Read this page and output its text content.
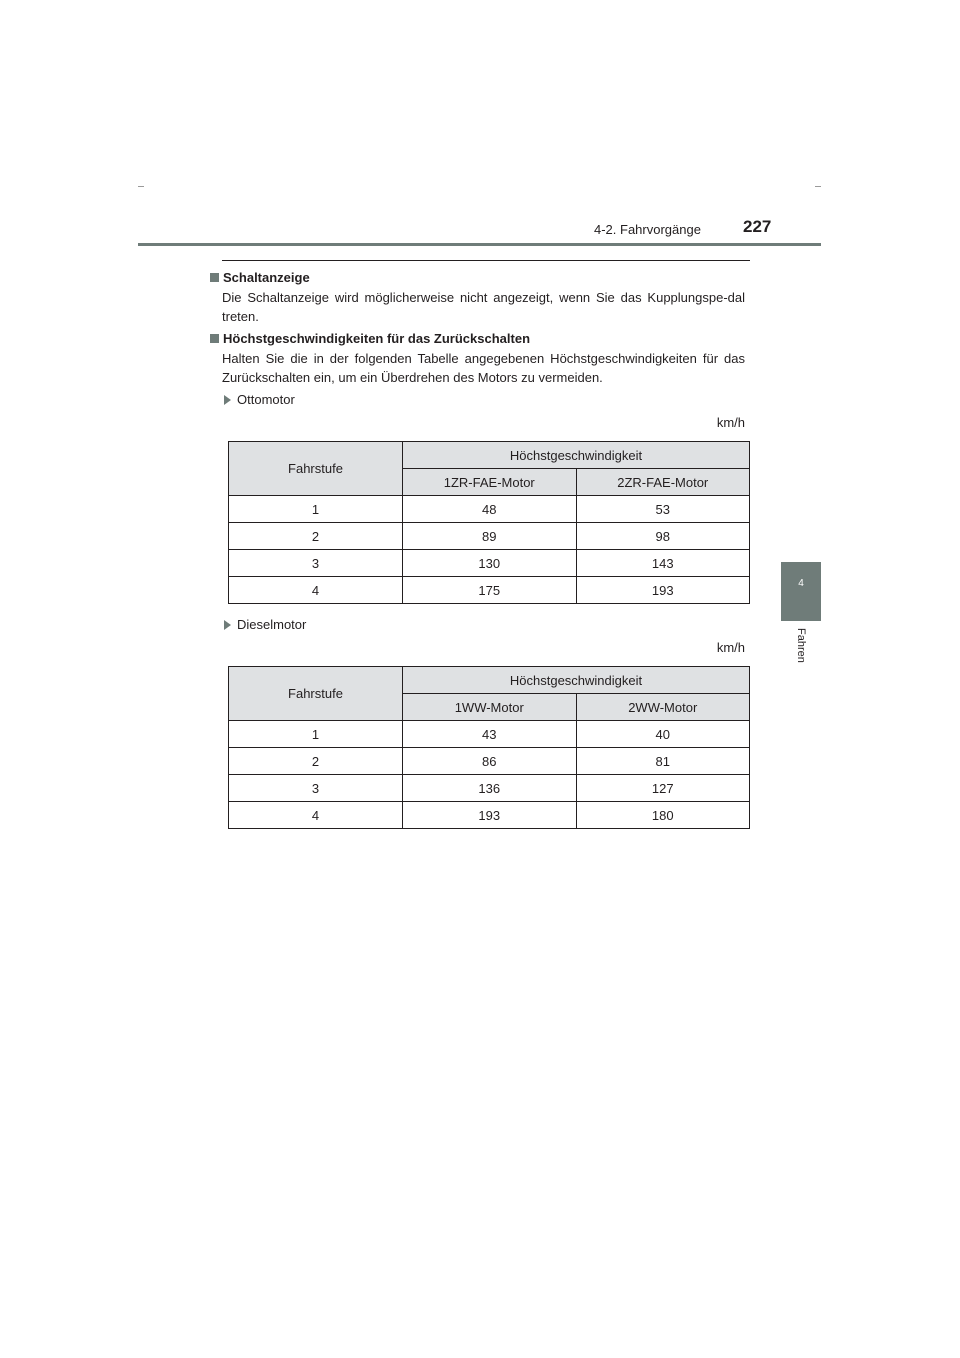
4-2. Fahrvorgänge 227
4
Fahren
Schaltanzeige
Die Schaltanzeige wird möglicherweise nicht angezeigt, wenn Sie das Kupplungspe-dal treten.
Höchstgeschwindigkeiten für das Zurückschalten
Halten Sie die in der folgenden Tabelle angegebenen Höchstgeschwindigkeiten für das Zurückschalten ein, um ein Überdrehen des Motors zu vermeiden.
Ottomotor
km/h
Fahrstufe	Höchstgeschwindigkeit	
	1ZR-FAE-Motor	2ZR-FAE-Motor
1	48	53
2	89	98
3	130	143
4	175	193
Dieselmotor
km/h
Fahrstufe	Höchstgeschwindigkeit	
	1WW-Motor	2WW-Motor
1	43	40
2	86	81
3	136	127
4	193	180
